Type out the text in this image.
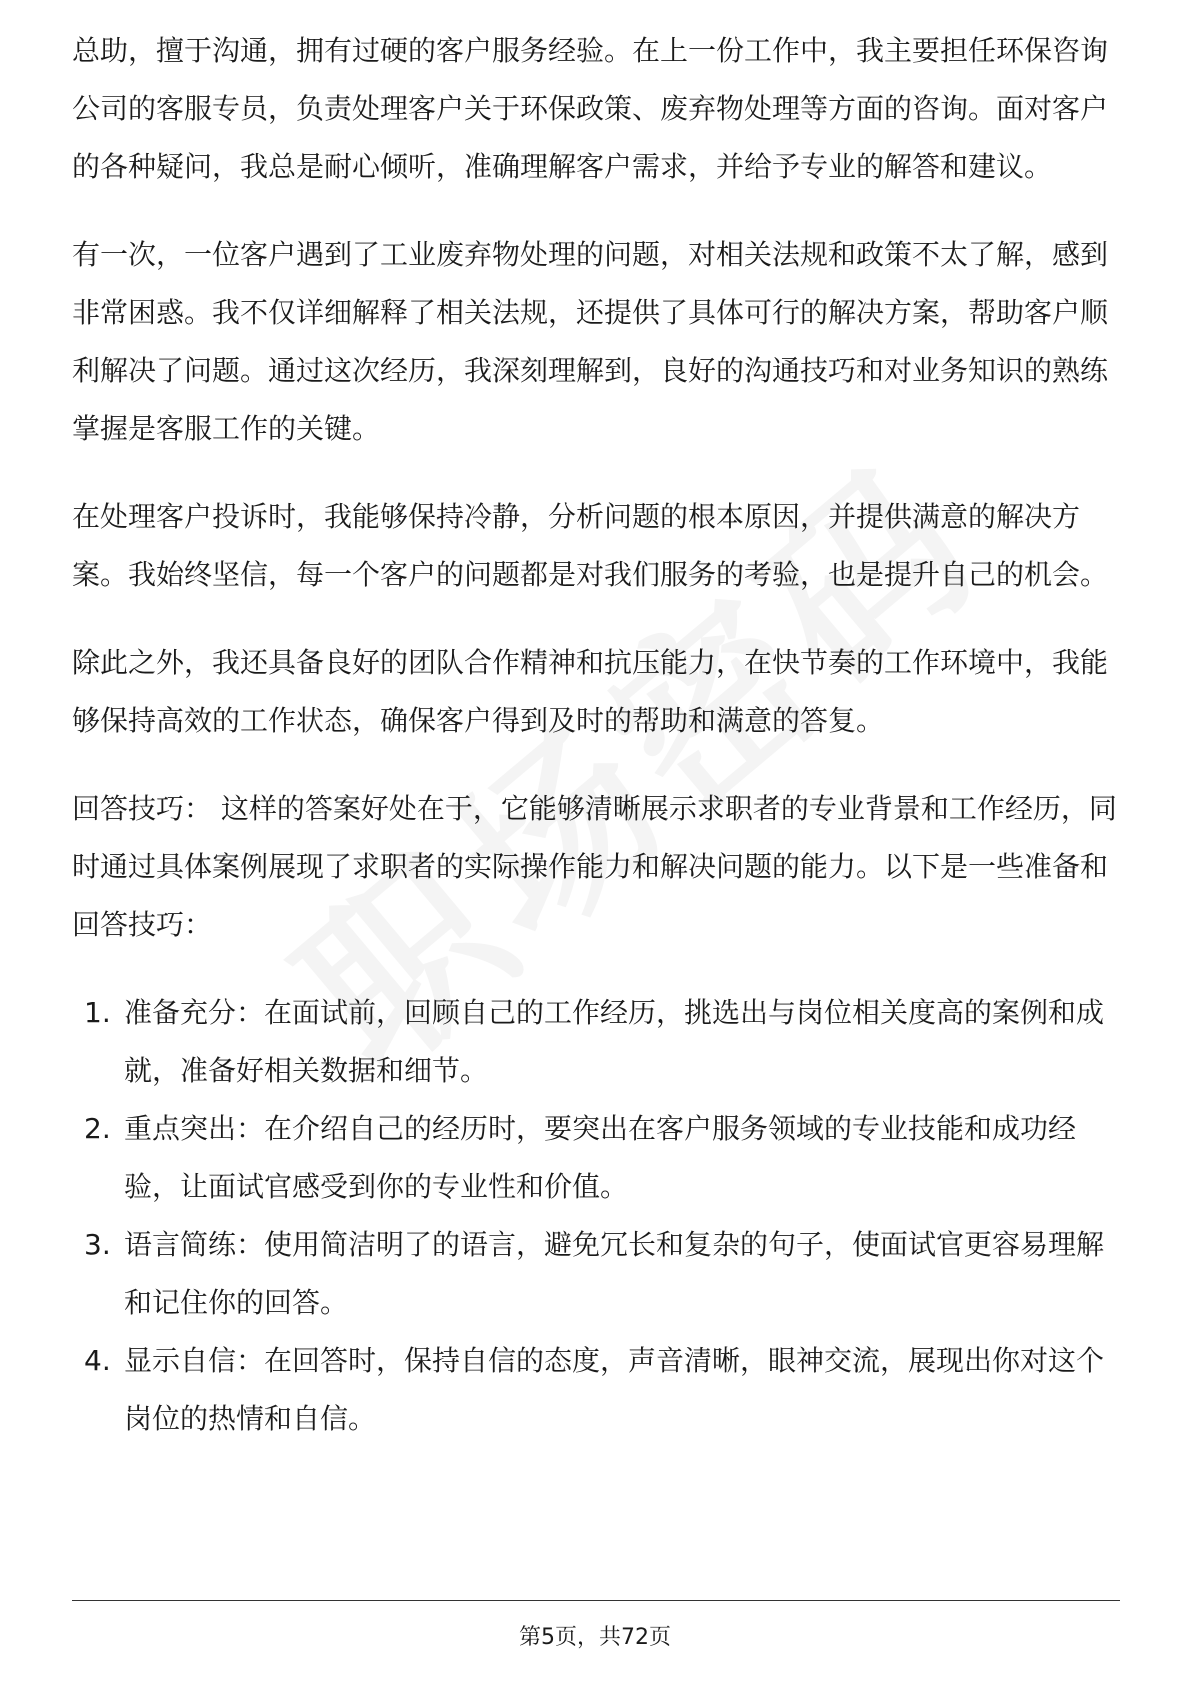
总助，擅于沟通，拥有过硬的客户服务经验。在上一份工作中，我主要担任环保咨询公司的客服专员，负责处理客户关于环保政策、废弃物处理等方面的咨询。面对客户的各种疑问，我总是耐心倾听，准确理解客户需求，并给予专业的解答和建议。

有一次，一位客户遇到了工业废弃物处理的问题，对相关法规和政策不太了解，感到非常困惑。我不仅详细解释了相关法规，还提供了具体可行的解决方案，帮助客户顺利解决了问题。通过这次经历，我深刻理解到，良好的沟通技巧和对业务知识的熟练掌握是客服工作的关键。

在处理客户投诉时，我能够保持冷静，分析问题的根本原因，并提供满意的解决方案。我始终坚信，每一个客户的问题都是对我们服务的考验，也是提升自己的机会。

除此之外，我还具备良好的团队合作精神和抗压能力，在快节奏的工作环境中，我能够保持高效的工作状态，确保客户得到及时的帮助和满意的答复。

回答技巧： 这样的答案好处在于，它能够清晰展示求职者的专业背景和工作经历，同时通过具体案例展现了求职者的实际操作能力和解决问题的能力。以下是一些准备和回答技巧：

1. 准备充分：在面试前，回顾自己的工作经历，挑选出与岗位相关度高的案例和成就，准备好相关数据和细节。
2. 重点突出：在介绍自己的经历时，要突出在客户服务领域的专业技能和成功经验，让面试官感受到你的专业性和价值。
3. 语言简练：使用简洁明了的语言，避免冗长和复杂的句子，使面试官更容易理解和记住你的回答。
4. 显示自信：在回答时，保持自信的态度，声音清晰，眼神交流，展现出你对这个岗位的热情和自信。
第5页，共72页
